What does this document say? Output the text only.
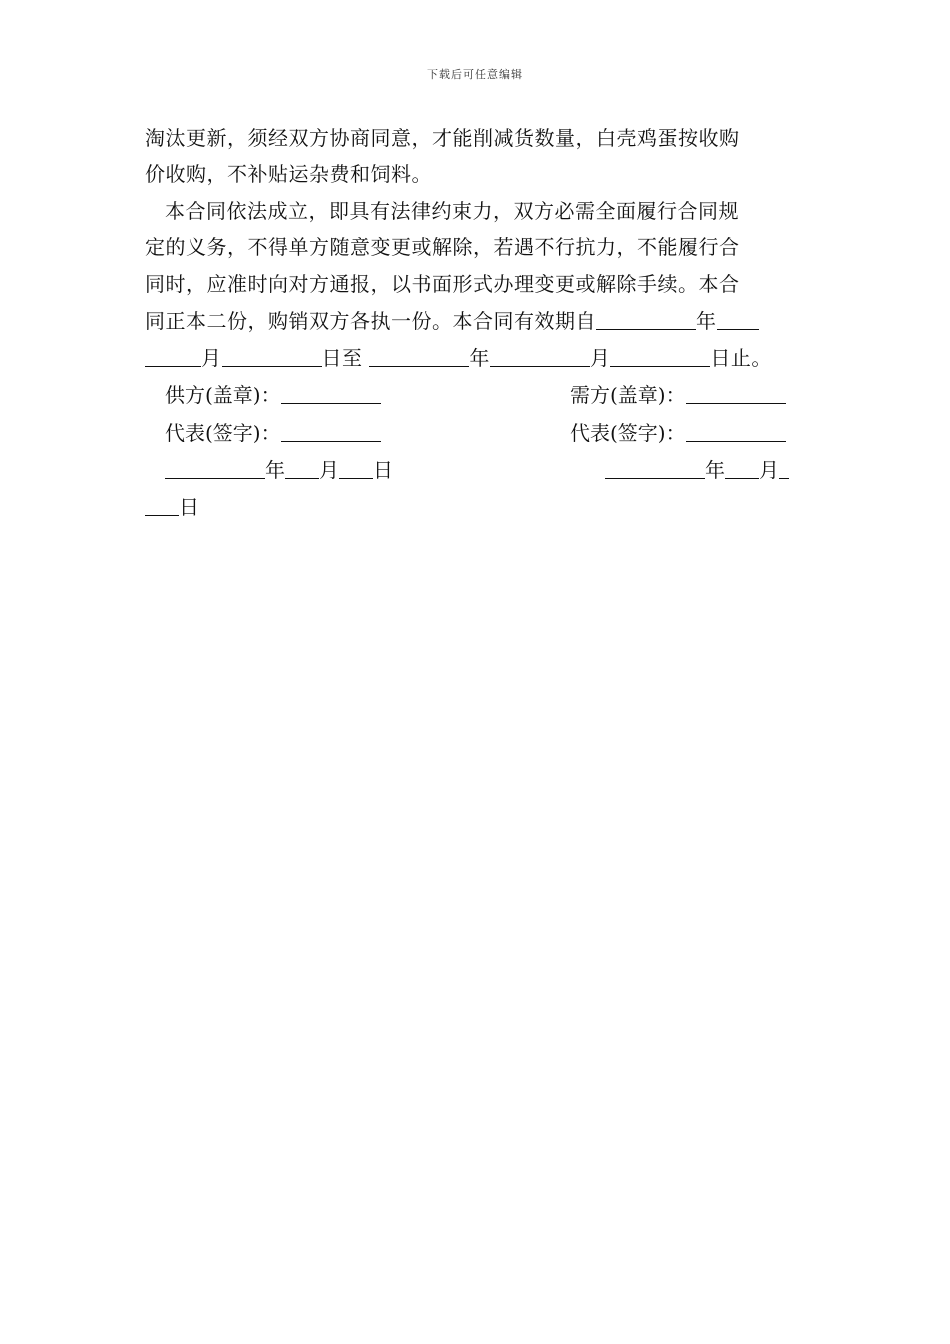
下载后可任意编辑
淘汰更新，须经双方协商同意，才能削减货数量，白壳鸡蛋按收购
价收购，不补贴运杂费和饲料。
本合同依法成立，即具有法律约束力，双方必需全面履行合同规
定的义务，不得单方随意变更或解除，若遇不行抗力，不能履行合
同时，应准时向对方通报，以书面形式办理变更或解除手续。本合
同正本二份，购销双方各执一份。本合同有效期自	年
月	日至	年	月	日止。
供方(盖章)：	需方(盖章)：
代表(签字)：	代表(签字)：
年 月 日	年 月
日
